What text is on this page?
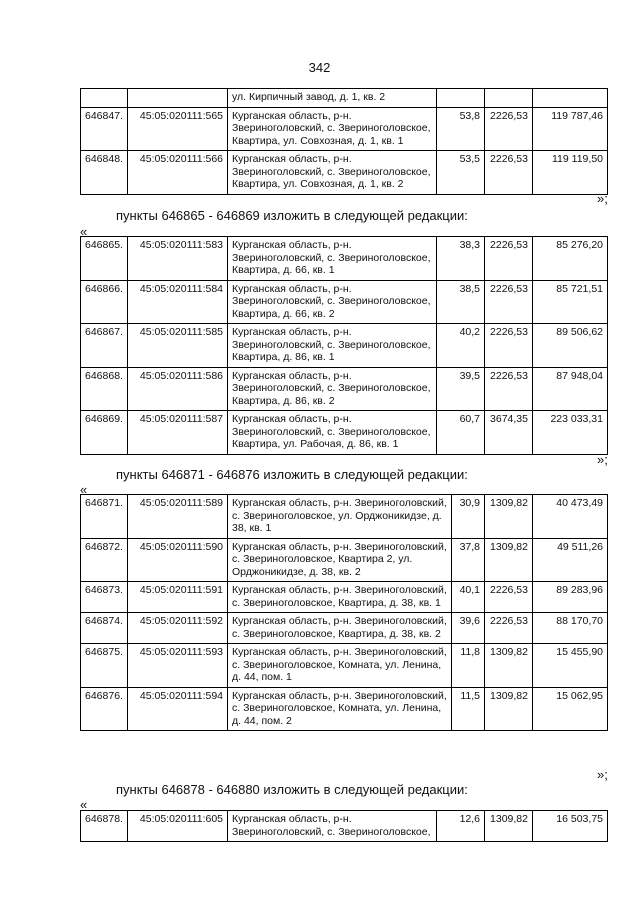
342
		ул. Кирпичный завод, д. 1, кв. 2			
646847.	45:05:020111:565	Курганская область, р-н. Звериноголовский, с. Звериноголовское, Квартира, ул. Совхозная, д. 1, кв. 1	53,8	2226,53	119 787,46
646848.	45:05:020111:566	Курганская область, р-н. Звериноголовский, с. Звериноголовское, Квартира, ул. Совхозная, д. 1, кв. 2	53,5	2226,53	119 119,50
»;
пункты 646865 - 646869 изложить в следующей редакции:
«
646865.	45:05:020111:583	Курганская область, р-н. Звериноголовский, с. Звериноголовское, Квартира, д. 66, кв. 1	38,3	2226,53	85 276,20
646866.	45:05:020111:584	Курганская область, р-н. Звериноголовский, с. Звериноголовское, Квартира, д. 66, кв. 2	38,5	2226,53	85 721,51
646867.	45:05:020111:585	Курганская область, р-н. Звериноголовский, с. Звериноголовское, Квартира, д. 86, кв. 1	40,2	2226,53	89 506,62
646868.	45:05:020111:586	Курганская область, р-н. Звериноголовский, с. Звериноголовское, Квартира, д. 86, кв. 2	39,5	2226,53	87 948,04
646869.	45:05:020111:587	Курганская область, р-н. Звериноголовский, с. Звериноголовское, Квартира, ул. Рабочая, д. 86, кв. 1	60,7	3674,35	223 033,31
»;
пункты 646871 - 646876 изложить в следующей редакции:
«
646871.	45:05:020111:589	Курганская область, р-н. Звериноголовский, с. Звериноголовское, ул. Орджоникидзе, д. 38, кв. 1	30,9	1309,82	40 473,49
646872.	45:05:020111:590	Курганская область, р-н. Звериноголовский, с. Звериноголовское, Квартира 2, ул. Орджоникидзе, д. 38, кв. 2	37,8	1309,82	49 511,26
646873.	45:05:020111:591	Курганская область, р-н. Звериноголовский, с. Звериноголовское, Квартира, д. 38, кв. 1	40,1	2226,53	89 283,96
646874.	45:05:020111:592	Курганская область, р-н. Звериноголовский, с. Звериноголовское, Квартира, д. 38, кв. 2	39,6	2226,53	88 170,70
646875.	45:05:020111:593	Курганская область, р-н. Звериноголовский, с. Звериноголовское, Комната, ул. Ленина, д. 44, пом. 1	11,8	1309,82	15 455,90
646876.	45:05:020111:594	Курганская область, р-н. Звериноголовский, с. Звериноголовское, Комната, ул. Ленина, д. 44, пом. 2	11,5	1309,82	15 062,95
»;
пункты 646878 - 646880 изложить в следующей редакции:
«
646878.	45:05:020111:605	Курганская область, р-н. Звериноголовский, с. Звериноголовское,	12,6	1309,82	16 503,75
